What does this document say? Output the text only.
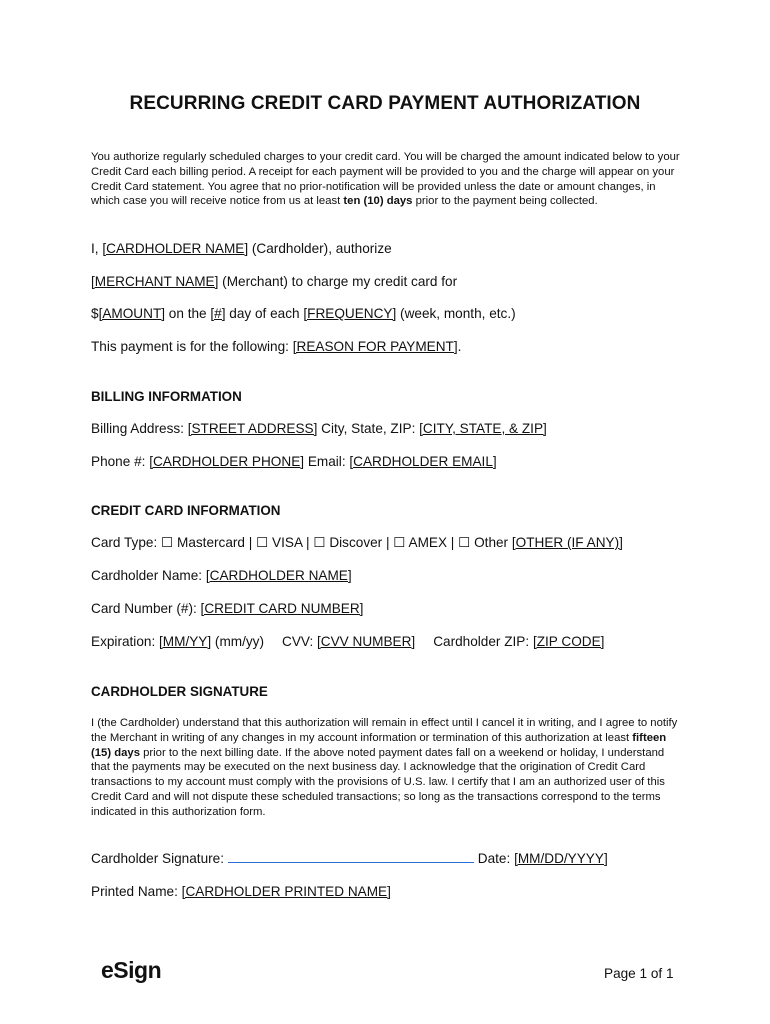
RECURRING CREDIT CARD PAYMENT AUTHORIZATION
You authorize regularly scheduled charges to your credit card. You will be charged the amount indicated below to your Credit Card each billing period. A receipt for each payment will be provided to you and the charge will appear on your Credit Card statement. You agree that no prior-notification will be provided unless the date or amount changes, in which case you will receive notice from us at least ten (10) days prior to the payment being collected.
I, [CARDHOLDER NAME] (Cardholder), authorize
[MERCHANT NAME] (Merchant) to charge my credit card for
$[AMOUNT] on the [#] day of each [FREQUENCY] (week, month, etc.)
This payment is for the following: [REASON FOR PAYMENT].
BILLING INFORMATION
Billing Address: [STREET ADDRESS] City, State, ZIP: [CITY, STATE, & ZIP]
Phone #: [CARDHOLDER PHONE] Email: [CARDHOLDER EMAIL]
CREDIT CARD INFORMATION
Card Type: ☐ Mastercard | ☐ VISA | ☐ Discover | ☐ AMEX | ☐ Other [OTHER (IF ANY)]
Cardholder Name: [CARDHOLDER NAME]
Card Number (#): [CREDIT CARD NUMBER]
Expiration: [MM/YY] (mm/yy) CVV: [CVV NUMBER] Cardholder ZIP: [ZIP CODE]
CARDHOLDER SIGNATURE
I (the Cardholder) understand that this authorization will remain in effect until I cancel it in writing, and I agree to notify the Merchant in writing of any changes in my account information or termination of this authorization at least fifteen (15) days prior to the next billing date. If the above noted payment dates fall on a weekend or holiday, I understand that the payments may be executed on the next business day. I acknowledge that the origination of Credit Card transactions to my account must comply with the provisions of U.S. law. I certify that I am an authorized user of this Credit Card and will not dispute these scheduled transactions; so long as the transactions correspond to the terms indicated in this authorization form.
Cardholder Signature:	Date: [MM/DD/YYYY]
Printed Name: [CARDHOLDER PRINTED NAME]
eSign	Page 1 of 1
